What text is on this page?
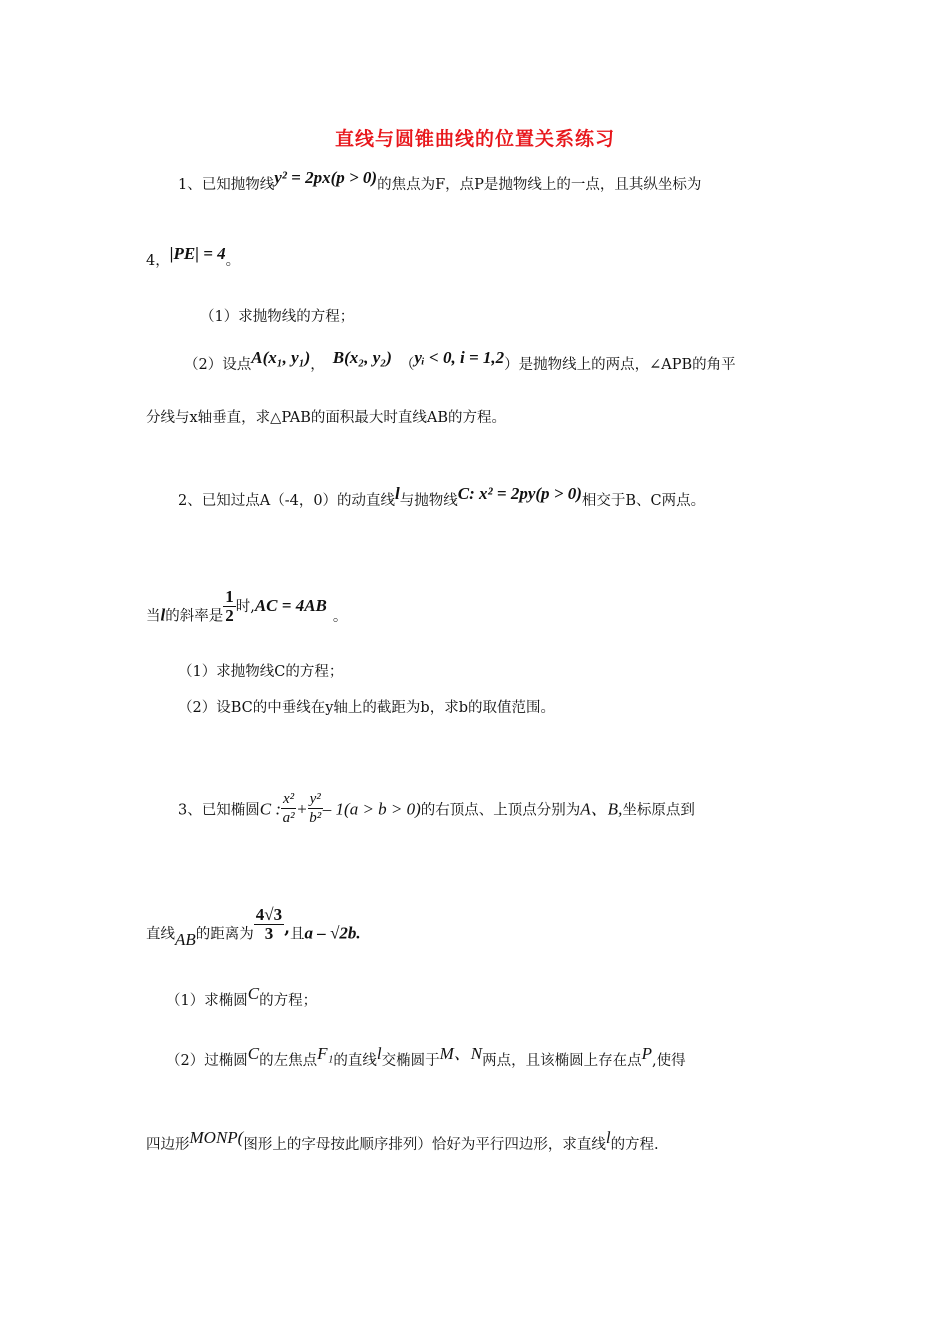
直线与圆锥曲线的位置关系练习
1、已知抛物线y² = 2px(p > 0)的焦点为F，点P是抛物线上的一点，且其纵坐标为
4，|PE| = 4。
（1）求抛物线的方程；
（2）设点A(x₁, y₁)， B(x₂, y₂) （yᵢ < 0, i = 1,2）是抛物线上的两点，∠APB的角平
分线与x轴垂直，求△PAB的面积最大时直线AB的方程。
2、已知过点A（-4，0）的动直线l与抛物线C: x² = 2py(p > 0)相交于B、C两点。
当l的斜率是 $\frac{1}{2}$ 时,AC = 4AB。
（1）求抛物线C的方程；
（2）设BC的中垂线在y轴上的截距为b，求b的取值范围。
3、已知椭圆C : $\frac{\text{x²}}{\text{a²}} + \frac{\text{y²}}{\text{b²}} - 1(a > b > 0)$的右顶点、上顶点分别为A、B,坐标原点到
直线AB的距离为 $\frac{4√3}{3}$ ,且a – √2b.
（1）求椭圆C的方程；
（2）过椭圆C的左焦点F₁的直线l交椭圆于M、N两点，且该椭圆上存在点P,使得
四边形MONP(图形上的字母按此顺序排列）恰好为平行四边形，求直线l的方程.
